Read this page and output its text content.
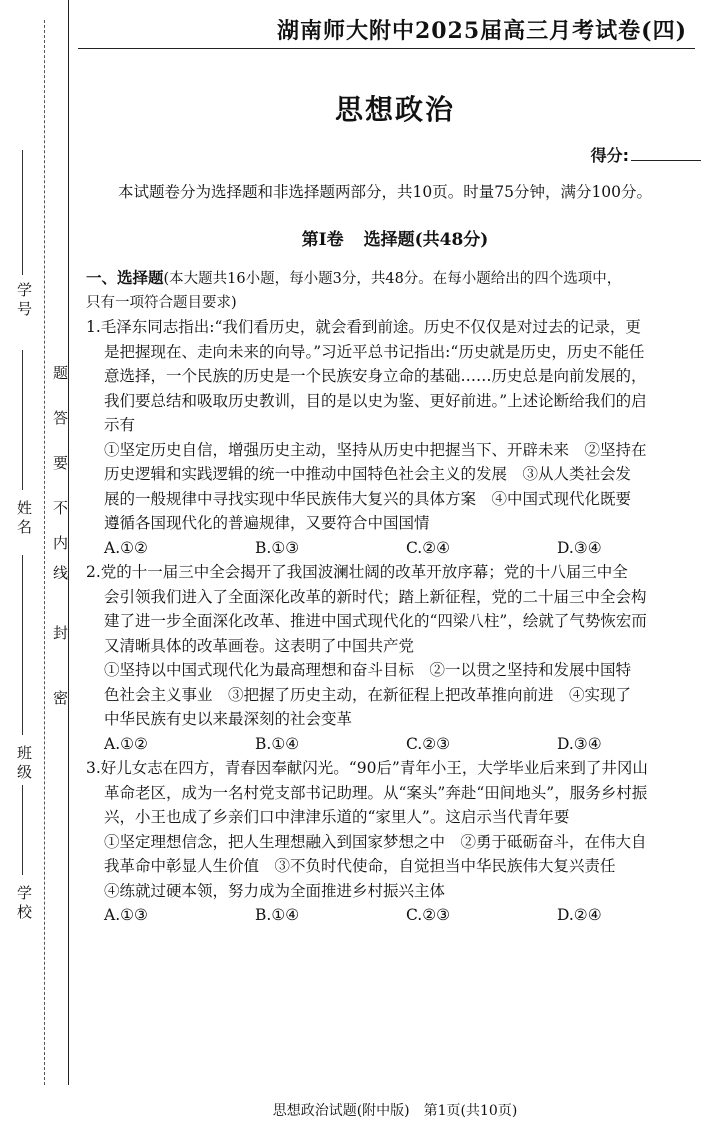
学号
姓名
班级
学校
密
封
线
内
不
要
答
题
湖南师大附中2025届高三月考试卷(四)
思想政治
得分:
本试题卷分为选择题和非选择题两部分，共10页。时量75分钟，满分100分。
第Ⅰ卷 选择题(共48分)
一、选择题(本大题共16小题，每小题3分，共48分。在每小题给出的四个选项中，
只有一项符合题目要求)
1.毛泽东同志指出:“我们看历史，就会看到前途。历史不仅仅是对过去的记录，更
是把握现在、走向未来的向导。”习近平总书记指出:“历史就是历史，历史不能任
意选择，一个民族的历史是一个民族安身立命的基础……历史总是向前发展的，
我们要总结和吸取历史教训，目的是以史为鉴、更好前进。”上述论断给我们的启
示有
①坚定历史自信，增强历史主动，坚持从历史中把握当下、开辟未来　②坚持在
历史逻辑和实践逻辑的统一中推动中国特色社会主义的发展　③从人类社会发
展的一般规律中寻找实现中华民族伟大复兴的具体方案　④中国式现代化既要
遵循各国现代化的普遍规律，又要符合中国国情
A.①②	B.①③	C.②④	D.③④
2.党的十一届三中全会揭开了我国波澜壮阔的改革开放序幕；党的十八届三中全
会引领我们进入了全面深化改革的新时代；踏上新征程，党的二十届三中全会构
建了进一步全面深化改革、推进中国式现代化的“四梁八柱”，绘就了气势恢宏而
又清晰具体的改革画卷。这表明了中国共产党
①坚持以中国式现代化为最高理想和奋斗目标　②一以贯之坚持和发展中国特
色社会主义事业　③把握了历史主动，在新征程上把改革推向前进　④实现了
中华民族有史以来最深刻的社会变革
A.①②	B.①④	C.②③	D.③④
3.好儿女志在四方，青春因奉献闪光。“90后”青年小王，大学毕业后来到了井冈山
革命老区，成为一名村党支部书记助理。从“案头”奔赴“田间地头”，服务乡村振
兴，小王也成了乡亲们口中津津乐道的“家里人”。这启示当代青年要
①坚定理想信念，把人生理想融入到国家梦想之中　②勇于砥砺奋斗，在伟大自
我革命中彰显人生价值　③不负时代使命，自觉担当中华民族伟大复兴责任
④练就过硬本领，努力成为全面推进乡村振兴主体
A.①③	B.①④	C.②③	D.②④
思想政治试题(附中版) 第1页(共10页)
